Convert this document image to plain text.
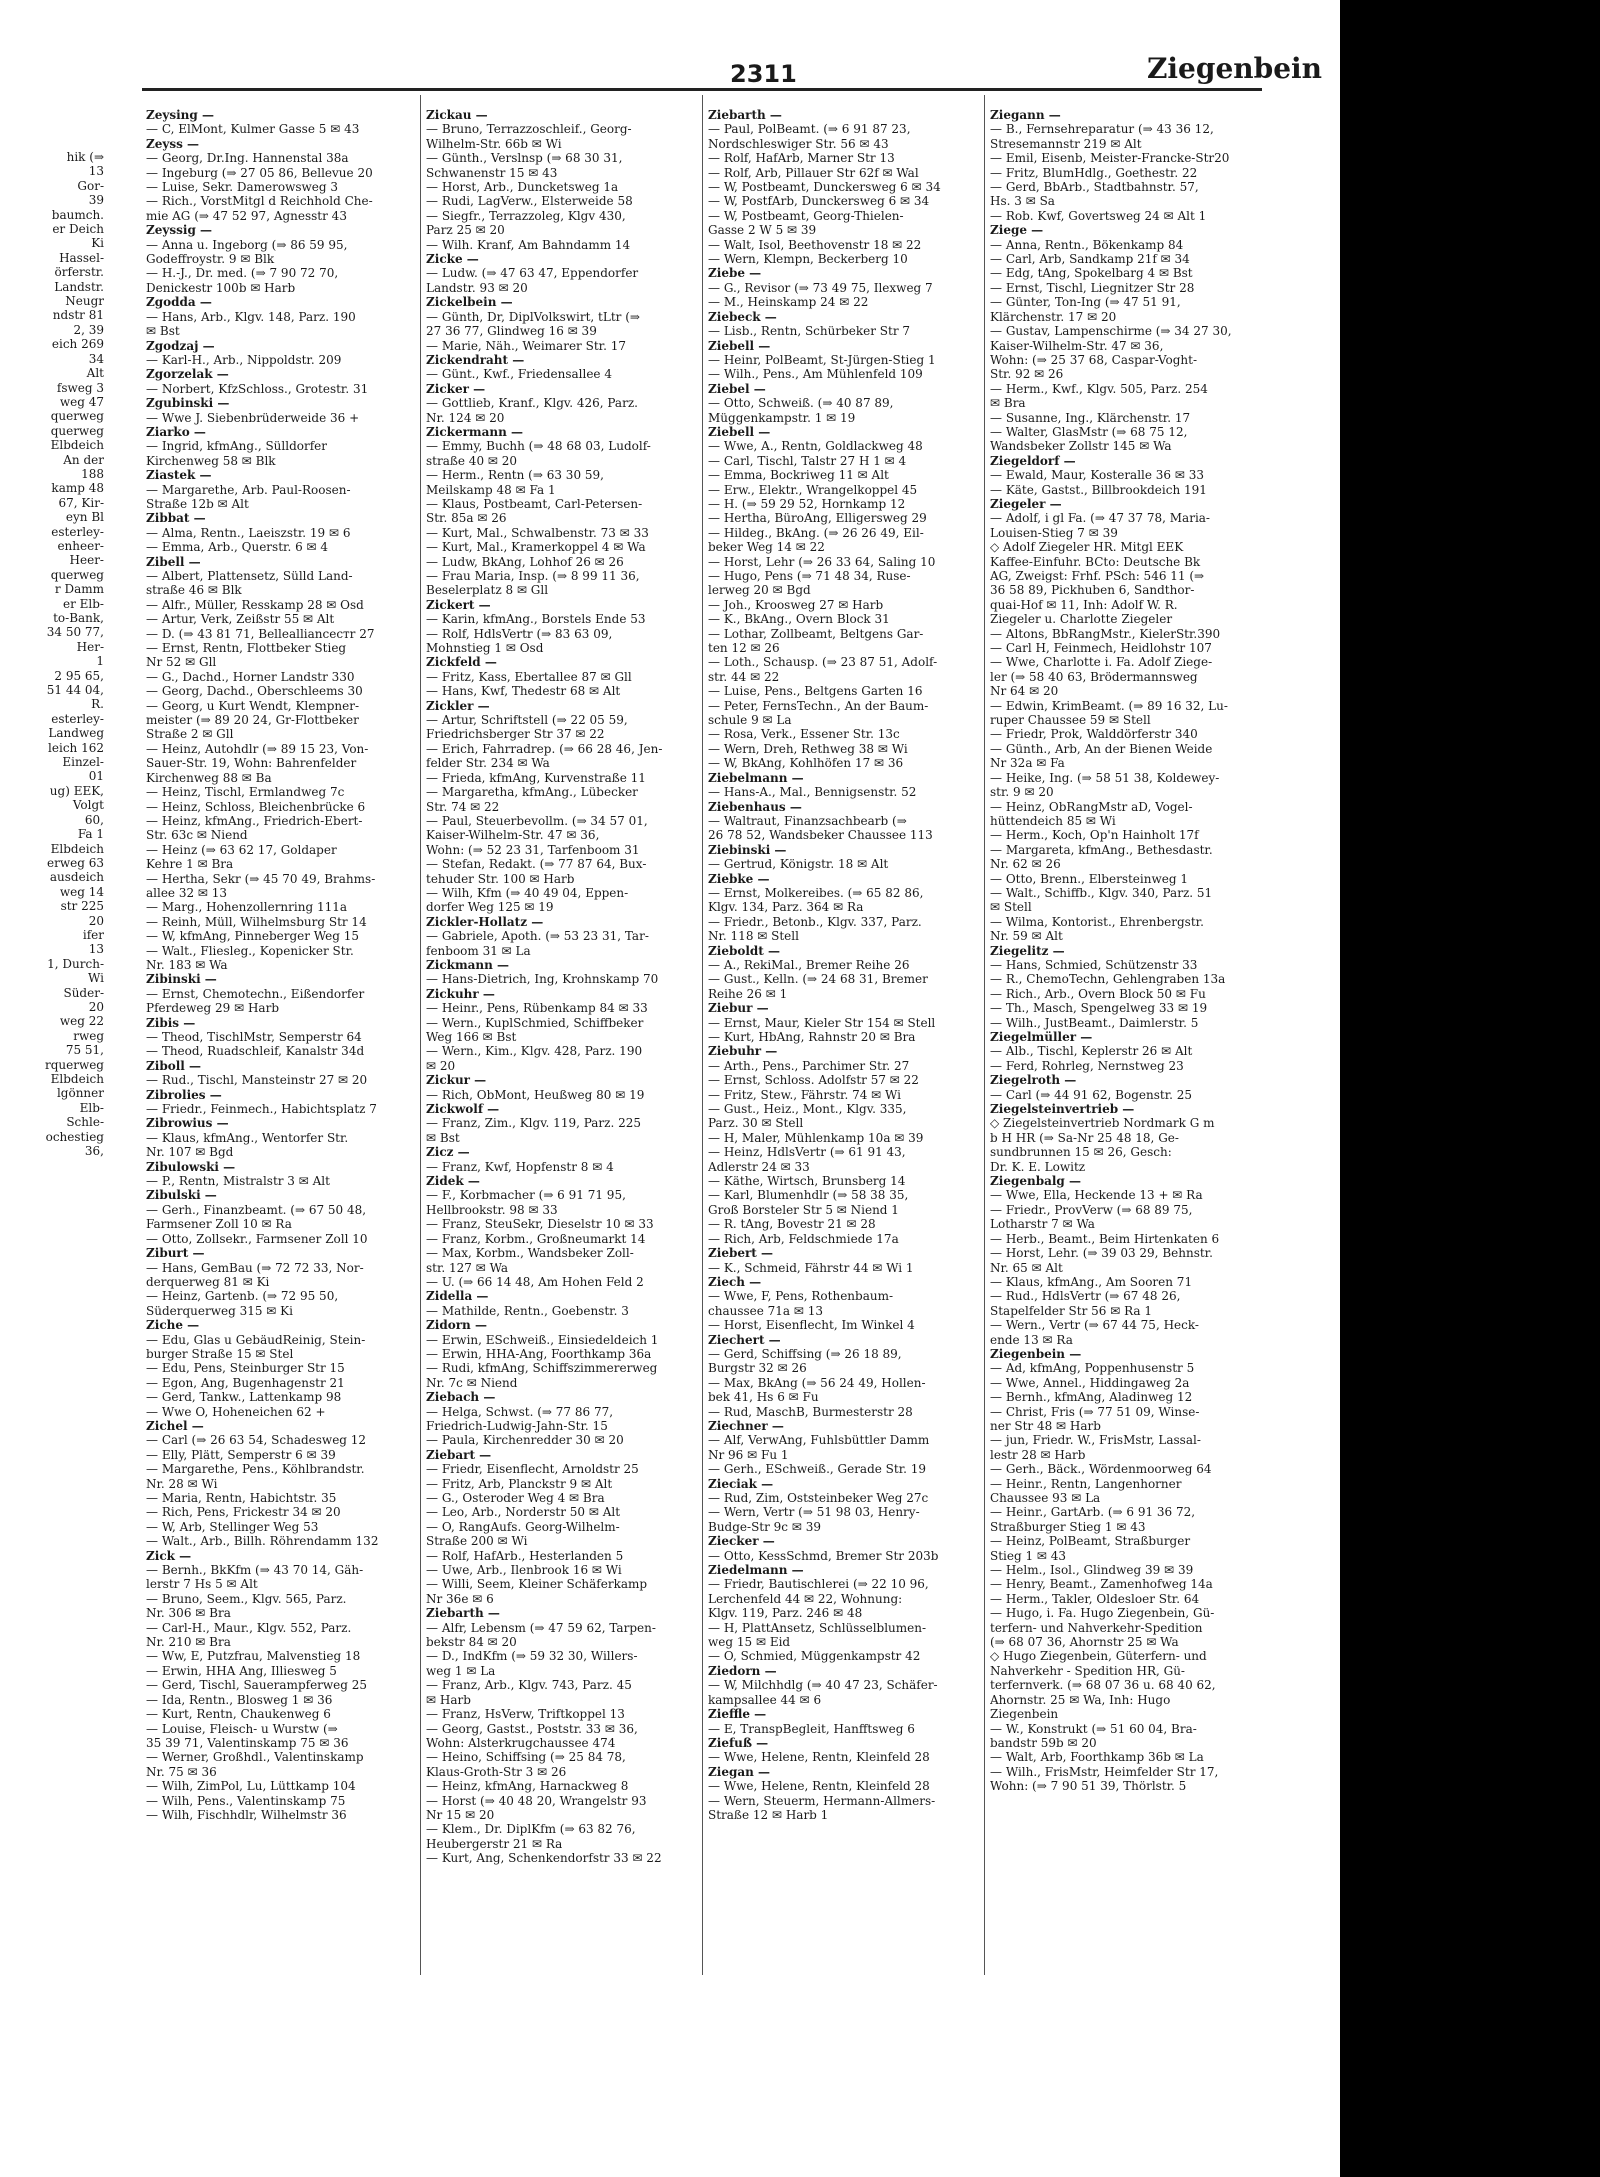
hik (⇒
13
Gor-
39
baumch.
er Deich
Ki
Hassel-
örferstr.
Landstr.
Neugr
ndstr 81
2, 39
eich 269
34
Alt
fsweg 3
weg 47
querweg
querweg
Elbdeich
An der
188
kamp 48
67, Kir-
eyn Bl
esterley-
enheer-
Heer-
querweg
r Damm
er Elb-
to-Bank,
34 50 77,
Her-
1
2 95 65,
51 44 04,
R.
esterley-
Landweg
leich 162
Einzel-
01
ug) EEK,
Volgt
60,
Fa 1
Elbdeich
erweg 63
ausdeich
weg 14
str 225
20
ifer
13
1, Durch-
Wi
Süder-
20
weg 22
rweg
75 51,
rquerweg
Elbdeich
lgönner
Elb-
Schle-
ochestieg
36,
2311	Ziegenbein
Zeysing —
— C, ElMont, Kulmer Gasse 5 ✉ 43
Zeyss —
— Georg, Dr.Ing. Hannenstal 38a
— Ingeburg (⇒ 27 05 86, Bellevue 20
— Luise, Sekr. Damerowsweg 3
— Rich., VorstMitgl d Reichhold Che-
mie AG (⇒ 47 52 97, Agnesstr 43
Zeyssig —
— Anna u. Ingeborg (⇒ 86 59 95,
Godeffroystr. 9 ✉ Blk
— H.-J., Dr. med. (⇒ 7 90 72 70,
Denickestr 100b ✉ Harb
Zgodda —
— Hans, Arb., Klgv. 148, Parz. 190
✉ Bst
Zgodzaj —
— Karl-H., Arb., Nippoldstr. 209
Zgorzelak —
— Norbert, KfzSchloss., Grotestr. 31
Zgubinski —
— Wwe J. Siebenbrüderweide 36 +
Ziarko —
— Ingrid, kfmAng., Sülldorfer
Kirchenweg 58 ✉ Blk
Ziastek —
— Margarethe, Arb. Paul-Roosen-
Straße 12b ✉ Alt
Zibbat —
— Alma, Rentn., Laeiszstr. 19 ✉ 6
— Emma, Arb., Querstr. 6 ✉ 4
Zibell —
— Albert, Plattensetz, Sülld Land-
straße 46 ✉ Blk
— Alfr., Müller, Resskamp 28 ✉ Osd
— Artur, Verk, Zeißstr 55 ✉ Alt
— D. (⇒ 43 81 71, Belleallianceстr 27
— Ernst, Rentn, Flottbeker Stieg
Nr 52 ✉ Gll
— G., Dachd., Horner Landstr 330
— Georg, Dachd., Oberschleems 30
— Georg, u Kurt Wendt, Klempner-
meister (⇒ 89 20 24, Gr-Flottbeker
Straße 2 ✉ Gll
— Heinz, Autohdlr (⇒ 89 15 23, Von-
Sauer-Str. 19, Wohn: Bahrenfelder
Kirchenweg 88 ✉ Ba
— Heinz, Tischl, Ermlandweg 7c
— Heinz, Schloss, Bleichenbrücke 6
— Heinz, kfmAng., Friedrich-Ebert-
Str. 63c ✉ Niend
— Heinz (⇒ 63 62 17, Goldaper
Kehre 1 ✉ Bra
— Hertha, Sekr (⇒ 45 70 49, Brahms-
allee 32 ✉ 13
— Marg., Hohenzollernring 111a
— Reinh, Müll, Wilhelmsburg Str 14
— W, kfmAng, Pinneberger Weg 15
— Walt., Fliesleg., Kopenicker Str.
Nr. 183 ✉ Wa
Zibinski —
— Ernst, Chemotechn., Eißendorfer
Pferdeweg 29 ✉ Harb
Zibis —
— Theod, TischlMstr, Semperstr 64
— Theod, Ruadschleif, Kanalstr 34d
Ziboll —
— Rud., Tischl, Mansteinstr 27 ✉ 20
Zibrolies —
— Friedr., Feinmech., Habichtsplatz 7
Zibrowius —
— Klaus, kfmAng., Wentorfer Str.
Nr. 107 ✉ Bgd
Zibulowski —
— P., Rentn, Mistralstr 3 ✉ Alt
Zibulski —
— Gerh., Finanzbeamt. (⇒ 67 50 48,
Farmsener Zoll 10 ✉ Ra
— Otto, Zollsekr., Farmsener Zoll 10
Ziburt —
— Hans, GemBau (⇒ 72 72 33, Nor-
derquerweg 81 ✉ Ki
— Heinz, Gartenb. (⇒ 72 95 50,
Süderquerweg 315 ✉ Ki
Ziche —
— Edu, Glas u GebäudReinig, Stein-
burger Straße 15 ✉ Stel
— Edu, Pens, Steinburger Str 15
— Egon, Ang, Bugenhagenstr 21
— Gerd, Tankw., Lattenkamp 98
— Wwe O, Hoheneichen 62 +
Zichel —
— Carl (⇒ 26 63 54, Schadesweg 12
— Elly, Plätt, Semperstr 6 ✉ 39
— Margarethe, Pens., Köhlbrandstr.
Nr. 28 ✉ Wi
— Maria, Rentn, Habichtstr. 35
— Rich, Pens, Frickestr 34 ✉ 20
— W, Arb, Stellinger Weg 53
— Walt., Arb., Billh. Röhrendamm 132
Zick —
— Bernh., BkKfm (⇒ 43 70 14, Gäh-
lerstr 7 Hs 5 ✉ Alt
— Bruno, Seem., Klgv. 565, Parz.
Nr. 306 ✉ Bra
— Carl-H., Maur., Klgv. 552, Parz.
Nr. 210 ✉ Bra
— Ww, E, Putzfrau, Malvenstieg 18
— Erwin, HHA Ang, Illiesweg 5
— Gerd, Tischl, Sauerampferweg 25
— Ida, Rentn., Blosweg 1 ✉ 36
— Kurt, Rentn, Chaukenweg 6
— Louise, Fleisch- u Wurstw (⇒
35 39 71, Valentinskamp 75 ✉ 36
— Werner, Großhdl., Valentinskamp
Nr. 75 ✉ 36
— Wilh, ZimPol, Lu, Lüttkamp 104
— Wilh, Pens., Valentinskamp 75
— Wilh, Fischhdlr, Wilhelmstr 36
Zickau —
— Bruno, Terrazzoschleif., Georg-
Wilhelm-Str. 66b ✉ Wi
— Günth., Verslnsp (⇒ 68 30 31,
Schwanenstr 15 ✉ 43
— Horst, Arb., Duncketsweg 1a
— Rudi, LagVerw., Elsterweide 58
— Siegfr., Terrazzoleg, Klgv 430,
Parz 25 ✉ 20
— Wilh. Kranf, Am Bahndamm 14
Zicke —
— Ludw. (⇒ 47 63 47, Eppendorfer
Landstr. 93 ✉ 20
Zickelbein —
— Günth, Dr, DiplVolkswirt, tLtr (⇒
27 36 77, Glindweg 16 ✉ 39
— Marie, Näh., Weimarer Str. 17
Zickendraht —
— Günt., Kwf., Friedensallee 4
Zicker —
— Gottlieb, Kranf., Klgv. 426, Parz.
Nr. 124 ✉ 20
Zickermann —
— Emmy, Buchh (⇒ 48 68 03, Ludolf-
straße 40 ✉ 20
— Herm., Rentn (⇒ 63 30 59,
Meilskamp 48 ✉ Fa 1
— Klaus, Postbeamt, Carl-Petersen-
Str. 85a ✉ 26
— Kurt, Mal., Schwalbenstr. 73 ✉ 33
— Kurt, Mal., Kramerkoppel 4 ✉ Wa
— Ludw, BkAng, Lohhof 26 ✉ 26
— Frau Maria, Insp. (⇒ 8 99 11 36,
Beselerplatz 8 ✉ Gll
Zickert —
— Karin, kfmAng., Borstels Ende 53
— Rolf, HdlsVertr (⇒ 83 63 09,
Mohnstieg 1 ✉ Osd
Zickfeld —
— Fritz, Kass, Ebertallee 87 ✉ Gll
— Hans, Kwf, Thedestr 68 ✉ Alt
Zickler —
— Artur, Schriftstell (⇒ 22 05 59,
Friedrichsberger Str 37 ✉ 22
— Erich, Fahrradrep. (⇒ 66 28 46, Jen-
felder Str. 234 ✉ Wa
— Frieda, kfmAng, Kurvenstraße 11
— Margaretha, kfmAng., Lübecker
Str. 74 ✉ 22
— Paul, Steuerbevollm. (⇒ 34 57 01,
Kaiser-Wilhelm-Str. 47 ✉ 36,
Wohn: (⇒ 52 23 31, Tarfenboom 31
— Stefan, Redakt. (⇒ 77 87 64, Bux-
tehuder Str. 100 ✉ Harb
— Wilh, Kfm (⇒ 40 49 04, Eppen-
dorfer Weg 125 ✉ 19
Zickler-Hollatz —
— Gabriele, Apoth. (⇒ 53 23 31, Tar-
fenboom 31 ✉ La
Zickmann —
— Hans-Dietrich, Ing, Krohnskamp 70
Zickuhr —
— Heinr., Pens, Rübenkamp 84 ✉ 33
— Wern., KuplSchmied, Schiffbeker
Weg 166 ✉ Bst
— Wern., Kim., Klgv. 428, Parz. 190
✉ 20
Zickur —
— Rich, ObMont, Heußweg 80 ✉ 19
Zickwolf —
— Franz, Zim., Klgv. 119, Parz. 225
✉ Bst
Zicz —
— Franz, Kwf, Hopfenstr 8 ✉ 4
Zidek —
— F., Korbmacher (⇒ 6 91 71 95,
Hellbrookstr. 98 ✉ 33
— Franz, SteuSekr, Dieselstr 10 ✉ 33
— Franz, Korbm., Großneumarkt 14
— Max, Korbm., Wandsbeker Zoll-
str. 127 ✉ Wa
— U. (⇒ 66 14 48, Am Hohen Feld 2
Zidella —
— Mathilde, Rentn., Goebenstr. 3
Zidorn —
— Erwin, ESchweiß., Einsiedeldeich 1
— Erwin, HHA-Ang, Foorthkamp 36a
— Rudi, kfmAng, Schiffszimmererweg
Nr. 7c ✉ Niend
Ziebach —
— Helga, Schwst. (⇒ 77 86 77,
Friedrich-Ludwig-Jahn-Str. 15
— Paula, Kirchenredder 30 ✉ 20
Ziebart —
— Friedr, Eisenflecht, Arnoldstr 25
— Fritz, Arb, Planckstr 9 ✉ Alt
— G., Osteroder Weg 4 ✉ Bra
— Leo, Arb., Norderstr 50 ✉ Alt
— O, RangAufs. Georg-Wilhelm-
Straße 200 ✉ Wi
— Rolf, HafArb., Hesterlanden 5
— Uwe, Arb., Ilenbrook 16 ✉ Wi
— Willi, Seem, Kleiner Schäferkamp
Nr 36e ✉ 6
Ziebarth —
— Alfr, Lebensm (⇒ 47 59 62, Tarpen-
bekstr 84 ✉ 20
— D., IndKfm (⇒ 59 32 30, Willers-
weg 1 ✉ La
— Franz, Arb., Klgv. 743, Parz. 45
✉ Harb
— Franz, HsVerw, Triftkoppel 13
— Georg, Gastst., Poststr. 33 ✉ 36,
Wohn: Alsterkrugchaussee 474
— Heino, Schiffsing (⇒ 25 84 78,
Klaus-Groth-Str 3 ✉ 26
— Heinz, kfmAng, Harnackweg 8
— Horst (⇒ 40 48 20, Wrangelstr 93
Nr 15 ✉ 20
— Klem., Dr. DiplKfm (⇒ 63 82 76,
Heubergerstr 21 ✉ Ra
— Kurt, Ang, Schenkendorfstr 33 ✉ 22
Ziebarth —
— Paul, PolBeamt. (⇒ 6 91 87 23,
Nordschleswiger Str. 56 ✉ 43
— Rolf, HafArb, Marner Str 13
— Rolf, Arb, Pillauer Str 62f ✉ Wal
— W, Postbeamt, Dunckersweg 6 ✉ 34
— W, PostfArb, Dunckersweg 6 ✉ 34
— W, Postbeamt, Georg-Thielen-
Gasse 2 W 5 ✉ 39
— Walt, Isol, Beethovenstr 18 ✉ 22
— Wern, Klempn, Beckerberg 10
Ziebe —
— G., Revisor (⇒ 73 49 75, Ilexweg 7
— M., Heinskamp 24 ✉ 22
Ziebeck —
— Lisb., Rentn, Schürbeker Str 7
Ziebell —
— Heinr, PolBeamt, St-Jürgen-Stieg 1
— Wilh., Pens., Am Mühlenfeld 109
Ziebel —
— Otto, Schweiß. (⇒ 40 87 89,
Müggenkampstr. 1 ✉ 19
Ziebell —
— Wwe, A., Rentn, Goldlackweg 48
— Carl, Tischl, Talstr 27 H 1 ✉ 4
— Emma, Bockriweg 11 ✉ Alt
— Erw., Elektr., Wrangelkoppel 45
— H. (⇒ 59 29 52, Hornkamp 12
— Hertha, BüroAng, Elligersweg 29
— Hildeg., BkAng. (⇒ 26 26 49, Eil-
beker Weg 14 ✉ 22
— Horst, Lehr (⇒ 26 33 64, Saling 10
— Hugo, Pens (⇒ 71 48 34, Ruse-
lerweg 20 ✉ Bgd
— Joh., Kroosweg 27 ✉ Harb
— K., BkAng., Overn Block 31
— Lothar, Zollbeamt, Beltgens Gar-
ten 12 ✉ 26
— Loth., Schausp. (⇒ 23 87 51, Adolf-
str. 44 ✉ 22
— Luise, Pens., Beltgens Garten 16
— Peter, FernsTechn., An der Baum-
schule 9 ✉ La
— Rosa, Verk., Essener Str. 13c
— Wern, Dreh, Rethweg 38 ✉ Wi
— W, BkAng, Kohlhöfen 17 ✉ 36
Ziebelmann —
— Hans-A., Mal., Bennigsenstr. 52
Ziebenhaus —
— Waltraut, Finanzsachbearb (⇒
26 78 52, Wandsbeker Chaussee 113
Ziebinski —
— Gertrud, Königstr. 18 ✉ Alt
Ziebke —
— Ernst, Molkereibes. (⇒ 65 82 86,
Klgv. 134, Parz. 364 ✉ Ra
— Friedr., Betonb., Klgv. 337, Parz.
Nr. 118 ✉ Stell
Zieboldt —
— A., RekiMal., Bremer Reihe 26
— Gust., Kelln. (⇒ 24 68 31, Bremer
Reihe 26 ✉ 1
Ziebur —
— Ernst, Maur, Kieler Str 154 ✉ Stell
— Kurt, HbAng, Rahnstr 20 ✉ Bra
Ziebuhr —
— Arth., Pens., Parchimer Str. 27
— Ernst, Schloss. Adolfstr 57 ✉ 22
— Fritz, Stew., Fährstr. 74 ✉ Wi
— Gust., Heiz., Mont., Klgv. 335,
Parz. 30 ✉ Stell
— H, Maler, Mühlenkamp 10a ✉ 39
— Heinz, HdlsVertr (⇒ 61 91 43,
Adlerstr 24 ✉ 33
— Käthe, Wirtsch, Brunsberg 14
— Karl, Blumenhdlr (⇒ 58 38 35,
Groß Borsteler Str 5 ✉ Niend 1
— R. tAng, Bovestr 21 ✉ 28
— Rich, Arb, Feldschmiede 17a
Ziebert —
— K., Schmeid, Fährstr 44 ✉ Wi 1
Ziech —
— Wwe, F, Pens, Rothenbaum-
chaussee 71a ✉ 13
— Horst, Eisenflecht, Im Winkel 4
Ziechert —
— Gerd, Schiffsing (⇒ 26 18 89,
Burgstr 32 ✉ 26
— Max, BkAng (⇒ 56 24 49, Hollen-
bek 41, Hs 6 ✉ Fu
— Rud, MaschB, Burmesterstr 28
Ziechner —
— Alf, VerwAng, Fuhlsbüttler Damm
Nr 96 ✉ Fu 1
— Gerh., ESchweiß., Gerade Str. 19
Zieciak —
— Rud, Zim, Oststeinbeker Weg 27c
— Wern, Vertr (⇒ 51 98 03, Henry-
Budge-Str 9c ✉ 39
Ziecker —
— Otto, KessSchmd, Bremer Str 203b
Ziedelmann —
— Friedr, Bautischlerei (⇒ 22 10 96,
Lerchenfeld 44 ✉ 22, Wohnung:
Klgv. 119, Parz. 246 ✉ 48
— H, PlattAnsetz, Schlüsselblumen-
weg 15 ✉ Eid
— O, Schmied, Müggenkampstr 42
Ziedorn —
— W, Milchhdlg (⇒ 40 47 23, Schäfer-
kampsallee 44 ✉ 6
Zieffle —
— E, TranspBegleit, Hanfftsweg 6
Ziefuß —
— Wwe, Helene, Rentn, Kleinfeld 28
Ziegan —
— Wwe, Helene, Rentn, Kleinfeld 28
— Wern, Steuerm, Hermann-Allmers-
Straße 12 ✉ Harb 1
Ziegann —
— B., Fernsehreparatur (⇒ 43 36 12,
Stresemannstr 219 ✉ Alt
— Emil, Eisenb, Meister-Francke-Str20
— Fritz, BlumHdlg., Goethestr. 22
— Gerd, BbArb., Stadtbahnstr. 57,
Hs. 3 ✉ Sa
— Rob. Kwf, Govertsweg 24 ✉ Alt 1
Ziege —
— Anna, Rentn., Bökenkamp 84
— Carl, Arb, Sandkamp 21f ✉ 34
— Edg, tAng, Spokelbarg 4 ✉ Bst
— Ernst, Tischl, Liegnitzer Str 28
— Günter, Ton-Ing (⇒ 47 51 91,
Klärchenstr. 17 ✉ 20
— Gustav, Lampenschirme (⇒ 34 27 30,
Kaiser-Wilhelm-Str. 47 ✉ 36,
Wohn: (⇒ 25 37 68, Caspar-Voght-
Str. 92 ✉ 26
— Herm., Kwf., Klgv. 505, Parz. 254
✉ Bra
— Susanne, Ing., Klärchenstr. 17
— Walter, GlasMstr (⇒ 68 75 12,
Wandsbeker Zollstr 145 ✉ Wa
Ziegeldorf —
— Ewald, Maur, Kosteralle 36 ✉ 33
— Käte, Gastst., Billbrookdeich 191
Ziegeler —
— Adolf, i gl Fa. (⇒ 47 37 78, Maria-
Louisen-Stieg 7 ✉ 39
◇ Adolf Ziegeler HR. Mitgl EEK
Kaffee-Einfuhr. BCto: Deutsche Bk
AG, Zweigst: Frhf. PSch: 546 11 (⇒
36 58 89, Pickhuben 6, Sandthor-
quai-Hof ✉ 11, Inh: Adolf W. R.
Ziegeler u. Charlotte Ziegeler
— Altons, BbRangMstr., KielerStr.390
— Carl H, Feinmech, Heidlohstr 107
— Wwe, Charlotte i. Fa. Adolf Ziege-
ler (⇒ 58 40 63, Brödermannsweg
Nr 64 ✉ 20
— Edwin, KrimBeamt. (⇒ 89 16 32, Lu-
ruper Chaussee 59 ✉ Stell
— Friedr, Prok, Walddörferstr 340
— Günth., Arb, An der Bienen Weide
Nr 32a ✉ Fa
— Heike, Ing. (⇒ 58 51 38, Koldewey-
str. 9 ✉ 20
— Heinz, ObRangMstr aD, Vogel-
hüttendeich 85 ✉ Wi
— Herm., Koch, Op'n Hainholt 17f
— Margareta, kfmAng., Bethesdastr.
Nr. 62 ✉ 26
— Otto, Brenn., Elbersteinweg 1
— Walt., Schiffb., Klgv. 340, Parz. 51
✉ Stell
— Wilma, Kontorist., Ehrenbergstr.
Nr. 59 ✉ Alt
Ziegelitz —
— Hans, Schmied, Schützenstr 33
— R., ChemoTechn, Gehlengraben 13a
— Rich., Arb., Overn Block 50 ✉ Fu
— Th., Masch, Spengelweg 33 ✉ 19
— Wilh., JustBeamt., Daimlerstr. 5
Ziegelmüller —
— Alb., Tischl, Keplerstr 26 ✉ Alt
— Ferd, Rohrleg, Nernstweg 23
Ziegelroth —
— Carl (⇒ 44 91 62, Bogenstr. 25
Ziegelsteinvertrieb —
◇ Ziegelsteinvertrieb Nordmark G m
b H HR (⇒ Sa-Nr 25 48 18, Ge-
sundbrunnen 15 ✉ 26, Gesch:
Dr. K. E. Lowitz
Ziegenbalg —
— Wwe, Ella, Heckende 13 + ✉ Ra
— Friedr., ProvVerw (⇒ 68 89 75,
Lotharstr 7 ✉ Wa
— Herb., Beamt., Beim Hirtenkaten 6
— Horst, Lehr. (⇒ 39 03 29, Behnstr.
Nr. 65 ✉ Alt
— Klaus, kfmAng., Am Sooren 71
— Rud., HdlsVertr (⇒ 67 48 26,
Stapelfelder Str 56 ✉ Ra 1
— Wern., Vertr (⇒ 67 44 75, Heck-
ende 13 ✉ Ra
Ziegenbein —
— Ad, kfmAng, Poppenhusenstr 5
— Wwe, Annel., Hiddingaweg 2a
— Bernh., kfmAng, Aladinweg 12
— Christ, Fris (⇒ 77 51 09, Winse-
ner Str 48 ✉ Harb
— jun, Friedr. W., FrisMstr, Lassal-
lestr 28 ✉ Harb
— Gerh., Bäck., Wördenmoorweg 64
— Heinr., Rentn, Langenhorner
Chaussee 93 ✉ La
— Heinr., GartArb. (⇒ 6 91 36 72,
Straßburger Stieg 1 ✉ 43
— Heinz, PolBeamt, Straßburger
Stieg 1 ✉ 43
— Helm., Isol., Glindweg 39 ✉ 39
— Henry, Beamt., Zamenhofweg 14a
— Herm., Takler, Oldesloer Str. 64
— Hugo, i. Fa. Hugo Ziegenbein, Gü-
terfern- und Nahverkehr-Spedition
(⇒ 68 07 36, Ahornstr 25 ✉ Wa
◇ Hugo Ziegenbein, Güterfern- und
Nahverkehr - Spedition HR, Gü-
terfernverk. (⇒ 68 07 36 u. 68 40 62,
Ahornstr. 25 ✉ Wa, Inh: Hugo
Ziegenbein
— W., Konstrukt (⇒ 51 60 04, Bra-
bandstr 59b ✉ 20
— Walt, Arb, Foorthkamp 36b ✉ La
— Wilh., FrisMstr, Heimfelder Str 17,
Wohn: (⇒ 7 90 51 39, Thörlstr. 5
